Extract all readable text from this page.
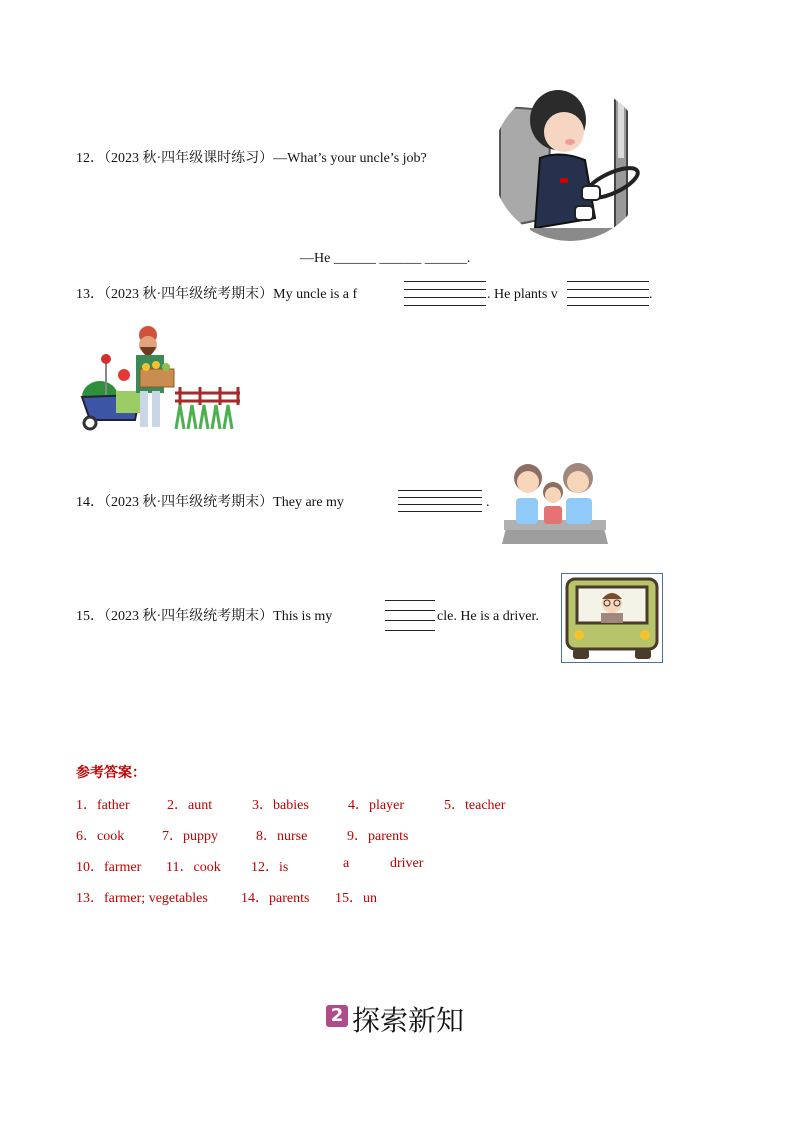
12．（2023 秋·四年级课时练习）—What’s your uncle’s job?
—He ______ ______ ______.
13．（2023 秋·四年级统考期末）My uncle is a f	. He plants v	.
14．（2023 秋·四年级统考期末）They are my	.
15．（2023 秋·四年级统考期末）This is my	cle. He is a driver.
参考答案：
1．father	2．aunt	3．babies	4．player	5．teacher
6．cook	7．puppy	8．nurse	9．parents
10．farmer 11．cook 12．is	a	driver
13．farmer; vegetables 14．parents 15．un
2 探索新知
